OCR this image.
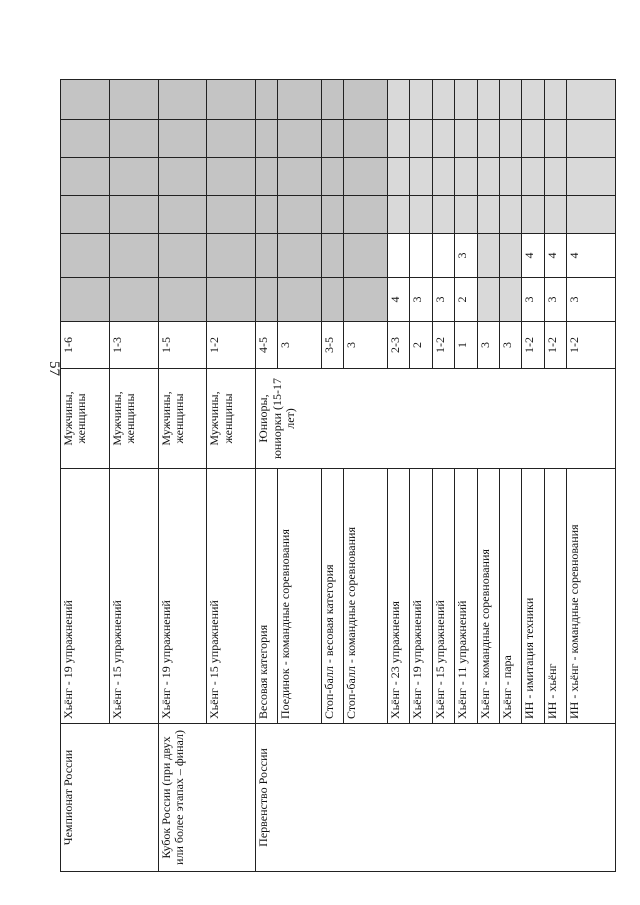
57
Чемпионат России	Хьёнг - 19 упражнений	Мужчины, женщины	1-6						
	Хьёнг - 15 упражнений	Мужчины, женщины	1-3						
Кубок России (при двух или более этапах – финал)	Хьёнг - 19 упражнений	Мужчины, женщины	1-5						
	Хьёнг - 15 упражнений	Мужчины, женщины	1-2						
Первенство России	Весовая категория	Юниоры, юниорки (15-17 лет)	4-5						
	Поединок - командные соревнования		3						
	Стоп-балл - весовая категория		3-5						
	Стоп-балл - командные соревнования		3						
	Хьёнг - 23 упражнения		2-3	4					
	Хьёнг - 19 упражнений		2	3					
	Хьёнг - 15 упражнений		1-2	3					
	Хьёнг - 11 упражнений		1	2	3				
	Хьёнг - командные соревнования		3						
	Хьёнг - пара		3						
	ИН - имитация техники		1-2	3	4				
	ИН - хьёнг		1-2	3	4				
	ИН - хьёнг - командные соревнования		1-2	3	4				
